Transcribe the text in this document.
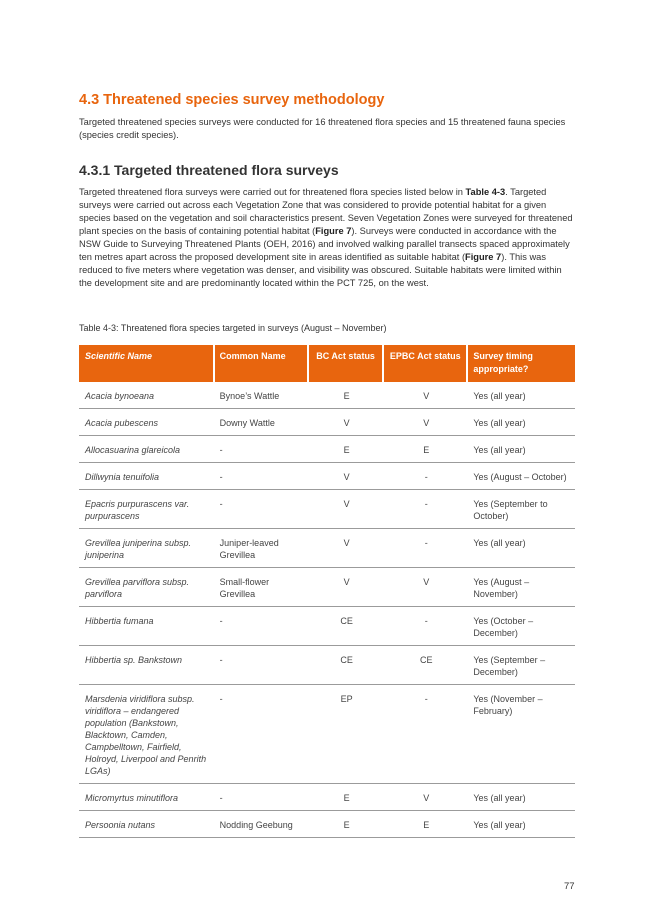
4.3 Threatened species survey methodology

Targeted threatened species surveys were conducted for 16 threatened flora species and 15 threatened fauna species (species credit species).

4.3.1 Targeted threatened flora surveys

Targeted threatened flora surveys were carried out for threatened flora species listed below in Table 4-3. Targeted surveys were carried out across each Vegetation Zone that was considered to provide potential habitat for a given species based on the vegetation and soil characteristics present. Seven Vegetation Zones were surveyed for threatened plant species on the basis of containing potential habitat (Figure 7). Surveys were conducted in accordance with the NSW Guide to Surveying Threatened Plants (OEH, 2016) and involved walking parallel transects spaced approximately ten metres apart across the proposed development site in areas identified as suitable habitat (Figure 7). This was reduced to five meters where vegetation was denser, and visibility was obscured. Suitable habitats were limited within the development site and are predominantly located within the PCT 725, on the west.

Table 4-3: Threatened flora species targeted in surveys (August – November)

Scientific Name	Common Name	BC Act status	EPBC Act status	Survey timing appropriate?
Acacia bynoeana	Bynoe’s Wattle	E	V	Yes (all year)
Acacia pubescens	Downy Wattle	V	V	Yes (all year)
Allocasuarina glareicola	-	E	E	Yes (all year)
Dillwynia tenuifolia	-	V	-	Yes (August – October)
Epacris purpurascens var. purpurascens	-	V	-	Yes (September to October)
Grevillea juniperina subsp. juniperina	Juniper-leaved Grevillea	V	-	Yes (all year)
Grevillea parviflora subsp. parviflora	Small-flower Grevillea	V	V	Yes (August – November)
Hibbertia fumana	-	CE	-	Yes (October – December)
Hibbertia sp. Bankstown	-	CE	CE	Yes (September – December)
Marsdenia viridiflora subsp. viridiflora – endangered population (Bankstown, Blacktown, Camden, Campbelltown, Fairfield, Holroyd, Liverpool and Penrith LGAs)	-	EP	-	Yes (November – February)
Micromyrtus minutiflora	-	E	V	Yes (all year)
Persoonia nutans	Nodding Geebung	E	E	Yes (all year)
77
